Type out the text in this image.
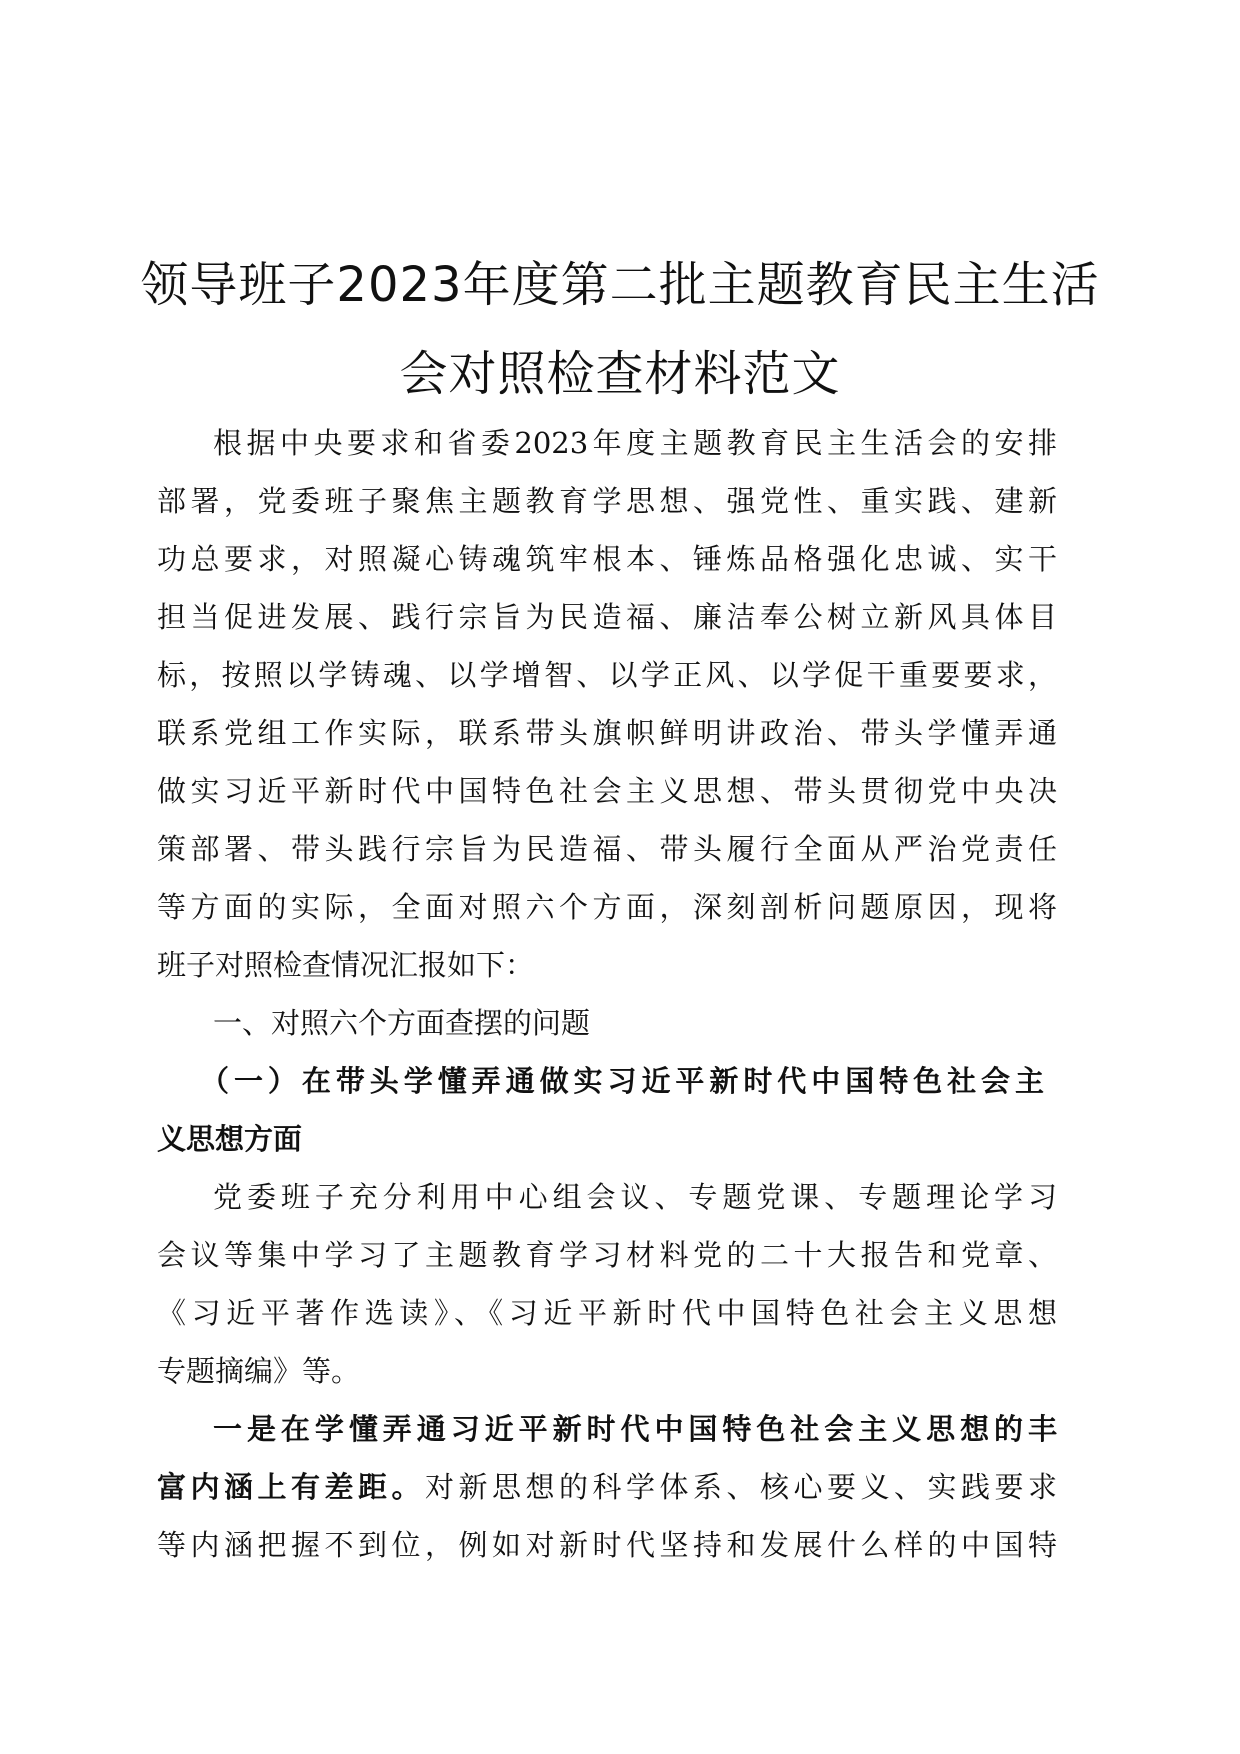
领导班子2023年度第二批主题教育民主生活
会对照检查材料范文
根据中央要求和省委2023年度主题教育民主生活会的安排
部署，党委班子聚焦主题教育学思想、强党性、重实践、建新
功总要求，对照凝心铸魂筑牢根本、锤炼品格强化忠诚、实干
担当促进发展、践行宗旨为民造福、廉洁奉公树立新风具体目
标，按照以学铸魂、以学增智、以学正风、以学促干重要要求，
联系党组工作实际，联系带头旗帜鲜明讲政治、带头学懂弄通
做实习近平新时代中国特色社会主义思想、带头贯彻党中央决
策部署、带头践行宗旨为民造福、带头履行全面从严治党责任
等方面的实际，全面对照六个方面，深刻剖析问题原因，现将
班子对照检查情况汇报如下：
一、对照六个方面查摆的问题
（一）在带头学懂弄通做实习近平新时代中国特色社会主
义思想方面
党委班子充分利用中心组会议、专题党课、专题理论学习
会议等集中学习了主题教育学习材料党的二十大报告和党章、
《习近平著作选读》、《习近平新时代中国特色社会主义思想
专题摘编》等。
一是在学懂弄通习近平新时代中国特色社会主义思想的丰
富内涵上有差距。对新思想的科学体系、核心要义、实践要求
等内涵把握不到位，例如对新时代坚持和发展什么样的中国特
